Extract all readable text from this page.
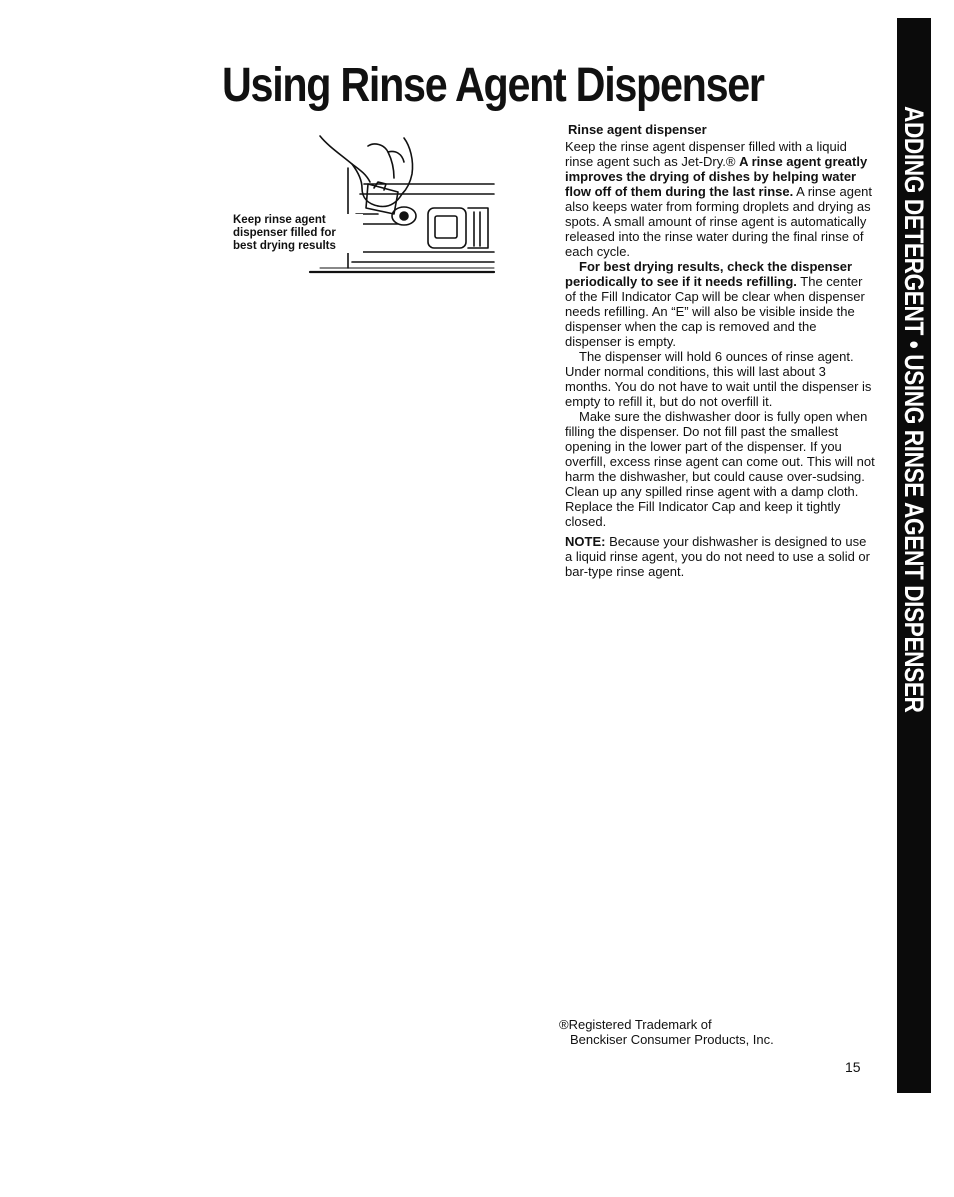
Using Rinse Agent Dispenser
Keep rinse agent
dispenser filled for
best drying results

Rinse agent dispenser

Keep the rinse agent dispenser filled with a liquid rinse agent such as Jet-Dry.® A rinse agent greatly improves the drying of dishes by helping water flow off of them during the last rinse. A rinse agent also keeps water from forming droplets and drying as spots. A small amount of rinse agent is automatically released into the rinse water during the final rinse of each cycle.

For best drying results, check the dispenser periodically to see if it needs refilling. The center of the Fill Indicator Cap will be clear when dispenser needs refilling. An “E” will also be visible inside the dispenser when the cap is removed and the dispenser is empty.

The dispenser will hold 6 ounces of rinse agent. Under normal conditions, this will last about 3 months. You do not have to wait until the dispenser is empty to refill it, but do not overfill it.

Make sure the dishwasher door is fully open when filling the dispenser. Do not fill past the smallest opening in the lower part of the dispenser. If you overfill, excess rinse agent can come out. This will not harm the dishwasher, but could cause over-sudsing. Clean up any spilled rinse agent with a damp cloth. Replace the Fill Indicator Cap and keep it tightly closed.

NOTE: Because your dishwasher is designed to use a liquid rinse agent, you do not need to use a solid or bar-type rinse agent.	ADDING DETERGENT • USING RINSE AGENT DISPENSER
®Registered Trademark of
Benckiser Consumer Products, Inc.
15
